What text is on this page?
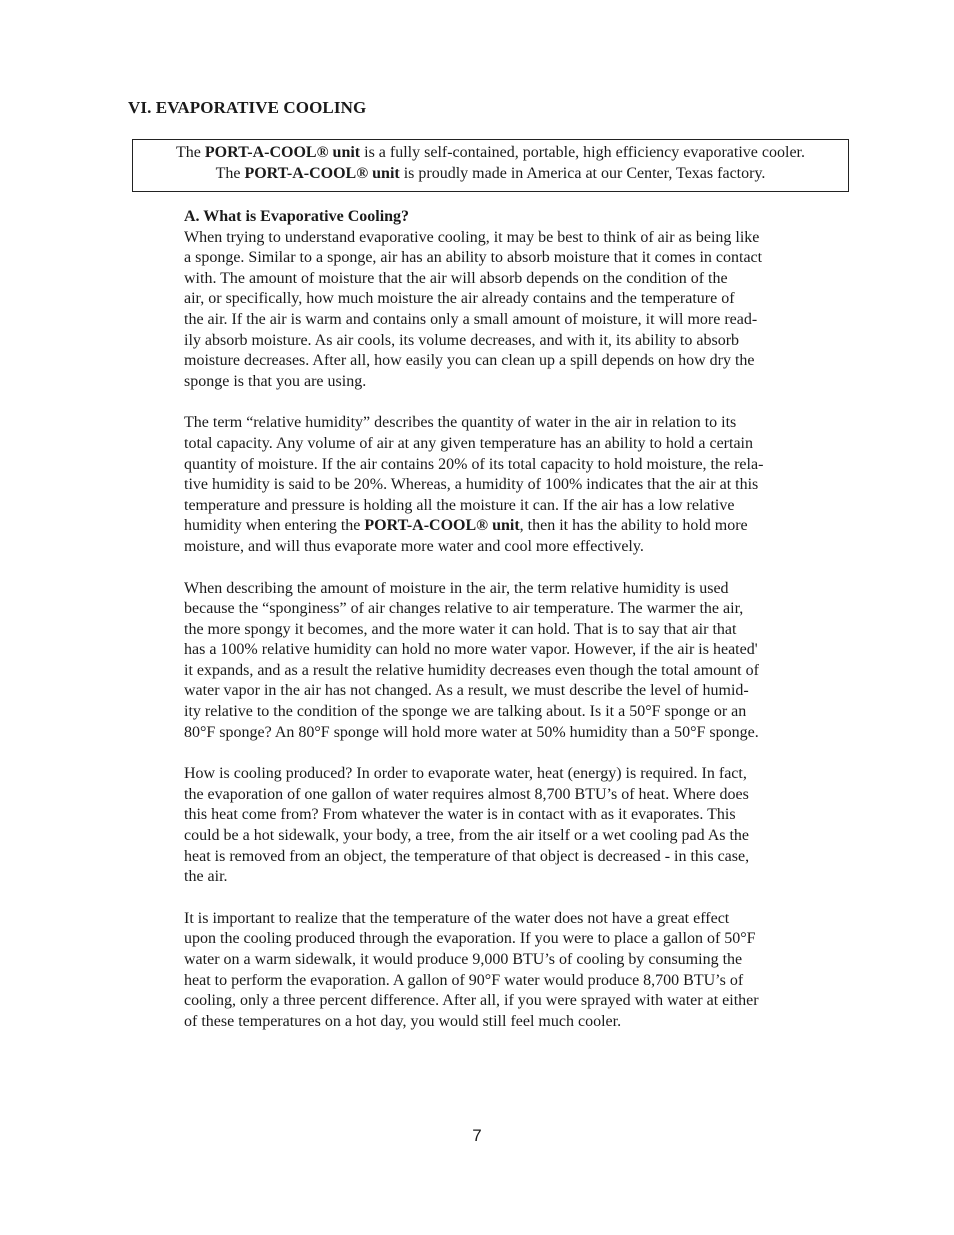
VI. EVAPORATIVE COOLING

The PORT-A-COOL® unit is a fully self-contained, portable, high efficiency evaporative cooler.

The PORT-A-COOL® unit is proudly made in America at our Center, Texas factory.

A. What is Evaporative Cooling?

When trying to understand evaporative cooling, it may be best to think of air as being like
a sponge. Similar to a sponge, air has an ability to absorb moisture that it comes in contact
with. The amount of moisture that the air will absorb depends on the condition of the
air, or specifically, how much moisture the air already contains and the temperature of
the air. If the air is warm and contains only a small amount of moisture, it will more read-
ily absorb moisture. As air cools, its volume decreases, and with it, its ability to absorb
moisture decreases. After all, how easily you can clean up a spill depends on how dry the
sponge is that you are using.

The term “relative humidity” describes the quantity of water in the air in relation to its
total capacity. Any volume of air at any given temperature has an ability to hold a certain
quantity of moisture. If the air contains 20% of its total capacity to hold moisture, the rela-
tive humidity is said to be 20%. Whereas, a humidity of 100% indicates that the air at this
temperature and pressure is holding all the moisture it can. If the air has a low relative
humidity when entering the PORT-A-COOL® unit, then it has the ability to hold more
moisture, and will thus evaporate more water and cool more effectively.

When describing the amount of moisture in the air, the term relative humidity is used
because the “sponginess” of air changes relative to air temperature. The warmer the air,
the more spongy it becomes, and the more water it can hold. That is to say that air that
has a 100% relative humidity can hold no more water vapor. However, if the air is heated'
it expands, and as a result the relative humidity decreases even though the total amount of
water vapor in the air has not changed. As a result, we must describe the level of humid-
ity relative to the condition of the sponge we are talking about. Is it a 50°F sponge or an
80°F sponge? An 80°F sponge will hold more water at 50% humidity than a 50°F sponge.

How is cooling produced? In order to evaporate water, heat (energy) is required. In fact,
the evaporation of one gallon of water requires almost 8,700 BTU’s of heat. Where does
this heat come from? From whatever the water is in contact with as it evaporates. This
could be a hot sidewalk, your body, a tree, from the air itself or a wet cooling pad As the
heat is removed from an object, the temperature of that object is decreased - in this case,
the air.

It is important to realize that the temperature of the water does not have a great effect
upon the cooling produced through the evaporation. If you were to place a gallon of 50°F
water on a warm sidewalk, it would produce 9,000 BTU’s of cooling by consuming the
heat to perform the evaporation. A gallon of 90°F water would produce 8,700 BTU’s of
cooling, only a three percent difference. After all, if you were sprayed with water at either
of these temperatures on a hot day, you would still feel much cooler.

7
